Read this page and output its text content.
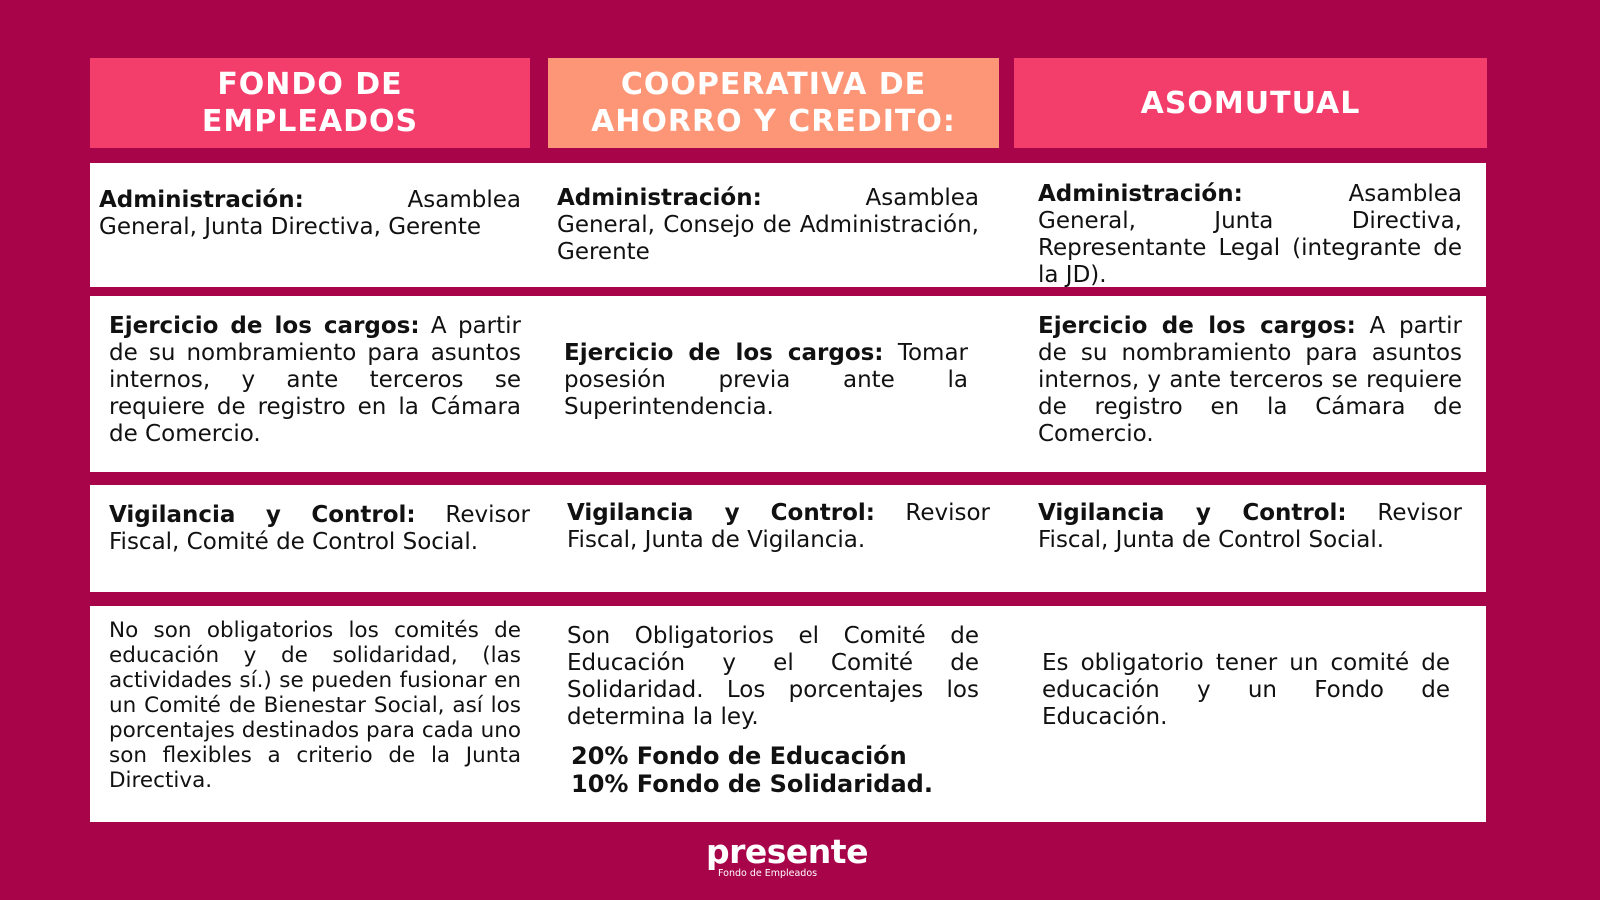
FONDO DE
EMPLEADOS
COOPERATIVA DE
AHORRO Y CREDITO:
ASOMUTUAL
Administración: Asamblea General, Junta Directiva, Gerente
Administración: Asamblea General, Consejo de Administración, Gerente
Administración: Asamblea General, Junta Directiva, Representante Legal (integrante de la JD).
Ejercicio de los cargos: A partir de su nombramiento para asuntos internos, y ante terceros se requiere de registro en la Cámara de Comercio.
Ejercicio de los cargos: Tomar posesión previa ante la Superintendencia.
Ejercicio de los cargos: A partir de su nombramiento para asuntos internos, y ante terceros se requiere de registro en la Cámara de Comercio.
Vigilancia y Control: Revisor Fiscal, Comité de Control Social.
Vigilancia y Control: Revisor Fiscal, Junta de Vigilancia.
Vigilancia y Control: Revisor Fiscal, Junta de Control Social.
No son obligatorios los comités de educación y de solidaridad, (las actividades sí.) se pueden fusionar en un Comité de Bienestar Social, así los porcentajes destinados para cada uno son flexibles a criterio de la Junta Directiva.
Son Obligatorios el Comité de Educación y el Comité de Solidaridad. Los porcentajes los determina la ley.
20% Fondo de Educación
10% Fondo de Solidaridad.
Es obligatorio tener un comité de educación y un Fondo de Educación.
presente
Fondo de Empleados
